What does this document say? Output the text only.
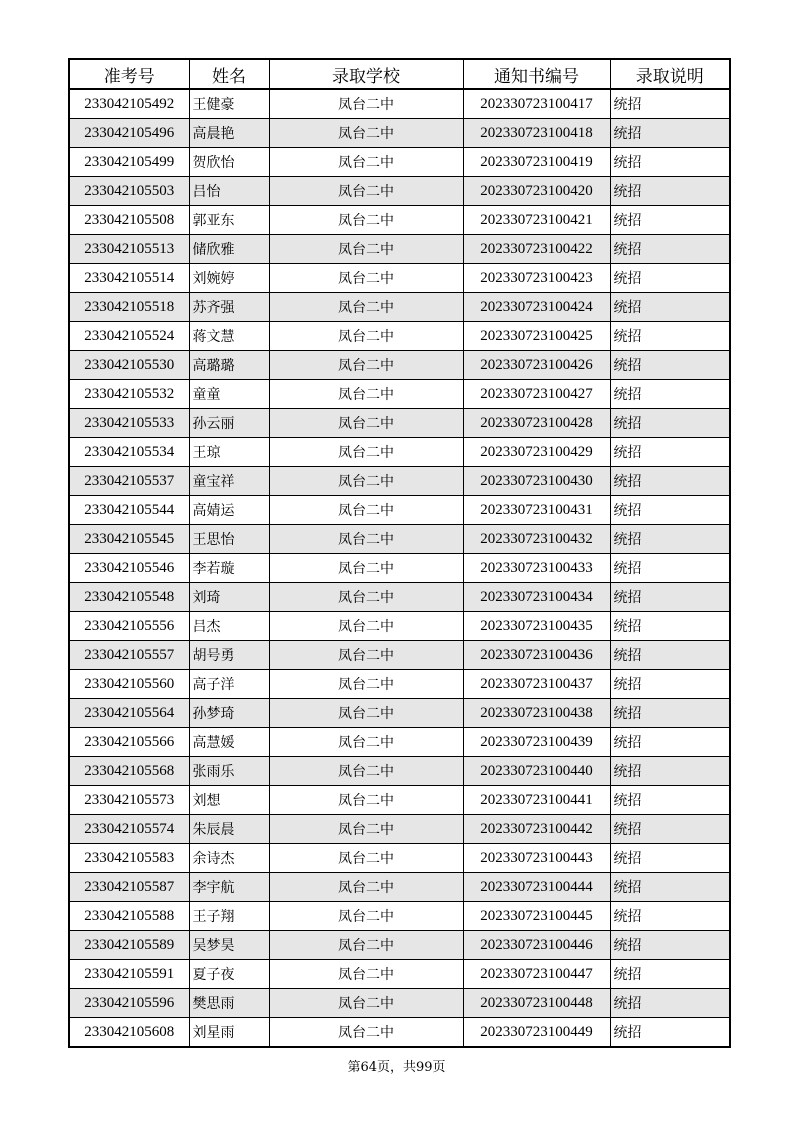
准考号	姓名	录取学校	通知书编号	录取说明
233042105492	王健豪	凤台二中	202330723100417	统招
233042105496	高晨艳	凤台二中	202330723100418	统招
233042105499	贺欣怡	凤台二中	202330723100419	统招
233042105503	吕怡	凤台二中	202330723100420	统招
233042105508	郭亚东	凤台二中	202330723100421	统招
233042105513	储欣雅	凤台二中	202330723100422	统招
233042105514	刘婉婷	凤台二中	202330723100423	统招
233042105518	苏齐强	凤台二中	202330723100424	统招
233042105524	蒋文慧	凤台二中	202330723100425	统招
233042105530	高璐璐	凤台二中	202330723100426	统招
233042105532	童童	凤台二中	202330723100427	统招
233042105533	孙云丽	凤台二中	202330723100428	统招
233042105534	王琼	凤台二中	202330723100429	统招
233042105537	童宝祥	凤台二中	202330723100430	统招
233042105544	高婧运	凤台二中	202330723100431	统招
233042105545	王思怡	凤台二中	202330723100432	统招
233042105546	李若璇	凤台二中	202330723100433	统招
233042105548	刘琦	凤台二中	202330723100434	统招
233042105556	吕杰	凤台二中	202330723100435	统招
233042105557	胡号勇	凤台二中	202330723100436	统招
233042105560	高子洋	凤台二中	202330723100437	统招
233042105564	孙梦琦	凤台二中	202330723100438	统招
233042105566	高慧媛	凤台二中	202330723100439	统招
233042105568	张雨乐	凤台二中	202330723100440	统招
233042105573	刘想	凤台二中	202330723100441	统招
233042105574	朱辰晨	凤台二中	202330723100442	统招
233042105583	余诗杰	凤台二中	202330723100443	统招
233042105587	李宇航	凤台二中	202330723100444	统招
233042105588	王子翔	凤台二中	202330723100445	统招
233042105589	吴梦昊	凤台二中	202330723100446	统招
233042105591	夏子夜	凤台二中	202330723100447	统招
233042105596	樊思雨	凤台二中	202330723100448	统招
233042105608	刘星雨	凤台二中	202330723100449	统招
第64页，共99页
